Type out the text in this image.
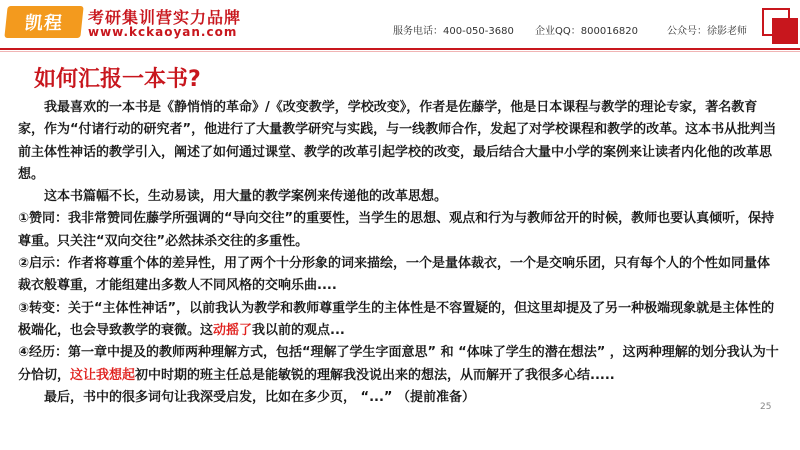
凯程 考研集训营实力品牌
www.kckaoyan.com	服务电话：400-050-3680 企业QQ：800016820	公众号：徐影老师
如何汇报一本书?

我最喜欢的一本书是《静悄悄的革命》/《改变教学，学校改变》，作者是佐藤学，他是日本课程与教学的理论专家，著名教育家，作为“付诸行动的研究者”，他进行了大量教学研究与实践，与一线教师合作，发起了对学校课程和教学的改革。这本书从批判当前主体性神话的教学引入，阐述了如何通过课堂、教学的改革引起学校的改变，最后结合大量中小学的案例来让读者内化他的改革思想。

这本书篇幅不长，生动易读，用大量的教学案例来传递他的改革思想。

①赞同：我非常赞同佐藤学所强调的“导向交往”的重要性，当学生的思想、观点和行为与教师岔开的时候，教师也要认真倾听，保持尊重。只关注“双向交往”必然抹杀交往的多重性。

②启示：作者将尊重个体的差异性，用了两个十分形象的词来描绘，一个是量体裁衣，一个是交响乐团，只有每个人的个性如同量体裁衣般尊重，才能组建出多数人不同风格的交响乐曲....

③转变：关于“主体性神话”，以前我认为教学和教师尊重学生的主体性是不容置疑的，但这里却提及了另一种极端现象就是主体性的极端化，也会导致教学的衰微。这动摇了我以前的观点...

④经历：第一章中提及的教师两种理解方式，包括“理解了学生字面意思” 和 “体味了学生的潜在想法” ，这两种理解的划分我认为十分恰切，这让我想起初中时期的班主任总是能敏锐的理解我没说出来的想法，从而解开了我很多心结.....

最后，书中的很多词句让我深受启发，比如在多少页， “...” （提前准备）

25
